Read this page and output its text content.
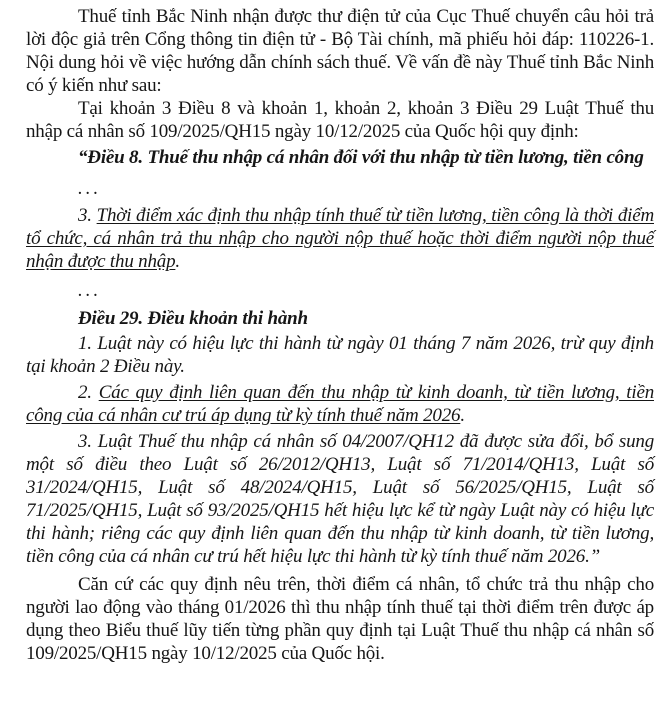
Thuế tỉnh Bắc Ninh nhận được thư điện tử của Cục Thuế chuyển câu hỏi trả lời độc giả trên Cổng thông tin điện tử - Bộ Tài chính, mã phiếu hỏi đáp: 110226-1. Nội dung hỏi về việc hướng dẫn chính sách thuế. Về vấn đề này Thuế tỉnh Bắc Ninh có ý kiến như sau:

Tại khoản 3 Điều 8 và khoản 1, khoản 2, khoản 3 Điều 29 Luật Thuế thu nhập cá nhân số 109/2025/QH15 ngày 10/12/2025 của Quốc hội quy định:

“Điều 8. Thuế thu nhập cá nhân đối với thu nhập từ tiền lương, tiền công

...

3. Thời điểm xác định thu nhập tính thuế từ tiền lương, tiền công là thời điểm tổ chức, cá nhân trả thu nhập cho người nộp thuế hoặc thời điểm người nộp thuế nhận được thu nhập.

...

Điều 29. Điều khoản thi hành

1. Luật này có hiệu lực thi hành từ ngày 01 tháng 7 năm 2026, trừ quy định tại khoản 2 Điều này.

2. Các quy định liên quan đến thu nhập từ kinh doanh, từ tiền lương, tiền công của cá nhân cư trú áp dụng từ kỳ tính thuế năm 2026.

3. Luật Thuế thu nhập cá nhân số 04/2007/QH12 đã được sửa đổi, bổ sung một số điều theo Luật số 26/2012/QH13, Luật số 71/2014/QH13, Luật số 31/2024/QH15, Luật số 48/2024/QH15, Luật số 56/2025/QH15, Luật số 71/2025/QH15, Luật số 93/2025/QH15 hết hiệu lực kể từ ngày Luật này có hiệu lực thi hành; riêng các quy định liên quan đến thu nhập từ kinh doanh, từ tiền lương, tiền công của cá nhân cư trú hết hiệu lực thi hành từ kỳ tính thuế năm 2026.”

Căn cứ các quy định nêu trên, thời điểm cá nhân, tổ chức trả thu nhập cho người lao động vào tháng 01/2026 thì thu nhập tính thuế tại thời điểm trên được áp dụng theo Biểu thuế lũy tiến từng phần quy định tại Luật Thuế thu nhập cá nhân số 109/2025/QH15 ngày 10/12/2025 của Quốc hội.
